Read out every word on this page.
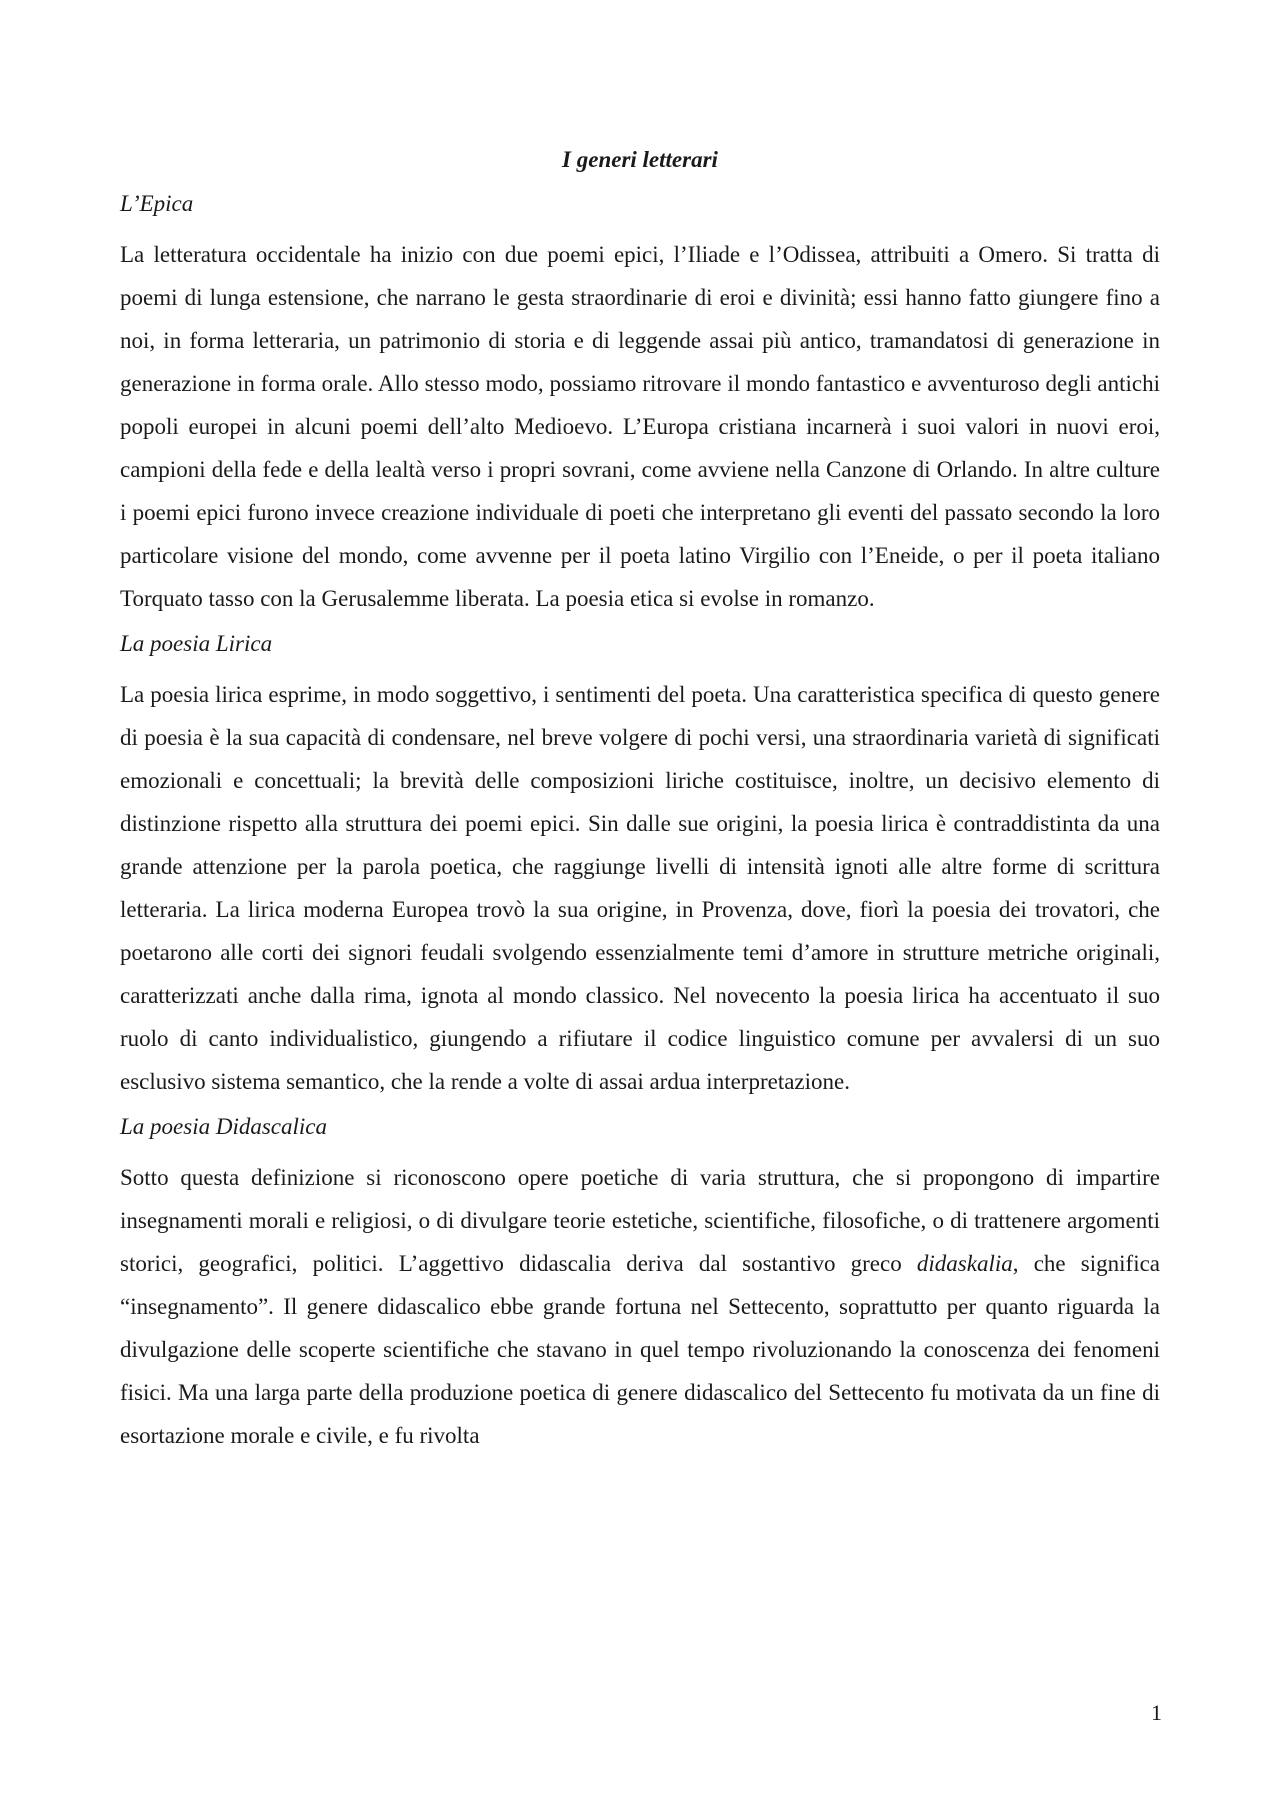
I generi letterari
L’Epica

La letteratura occidentale ha inizio con due poemi epici, l’Iliade e l’Odissea, attribuiti a Omero. Si tratta di poemi di lunga estensione, che narrano le gesta straordinarie di eroi e divinità; essi hanno fatto giungere fino a noi, in forma letteraria, un patrimonio di storia e di leggende assai più antico, tramandatosi di generazione in generazione in forma orale. Allo stesso modo, possiamo ritrovare il mondo fantastico e avventuroso degli antichi popoli europei in alcuni poemi dell’alto Medioevo. L’Europa cristiana incarnerà i suoi valori in nuovi eroi, campioni della fede e della lealtà verso i propri sovrani, come avviene nella Canzone di Orlando. In altre culture i poemi epici furono invece creazione individuale di poeti che interpretano gli eventi del passato secondo la loro particolare visione del mondo, come avvenne per il poeta latino Virgilio con l’Eneide, o per il poeta italiano Torquato tasso con la Gerusalemme liberata. La poesia etica si evolse in romanzo.

La poesia Lirica

La poesia lirica esprime, in modo soggettivo, i sentimenti del poeta. Una caratteristica specifica di questo genere di poesia è la sua capacità di condensare, nel breve volgere di pochi versi, una straordinaria varietà di significati emozionali e concettuali; la brevità delle composizioni liriche costituisce, inoltre, un decisivo elemento di distinzione rispetto alla struttura dei poemi epici. Sin dalle sue origini, la poesia lirica è contraddistinta da una grande attenzione per la parola poetica, che raggiunge livelli di intensità ignoti alle altre forme di scrittura letteraria. La lirica moderna Europea trovò la sua origine, in Provenza, dove, fiorì la poesia dei trovatori, che poetarono alle corti dei signori feudali svolgendo essenzialmente temi d’amore in strutture metriche originali, caratterizzati anche dalla rima, ignota al mondo classico. Nel novecento la poesia lirica ha accentuato il suo ruolo di canto individualistico, giungendo a rifiutare il codice linguistico comune per avvalersi di un suo esclusivo sistema semantico, che la rende a volte di assai ardua interpretazione.

La poesia Didascalica

Sotto questa definizione si riconoscono opere poetiche di varia struttura, che si propongono di impartire insegnamenti morali e religiosi, o di divulgare teorie estetiche, scientifiche, filosofiche, o di trattenere argomenti storici, geografici, politici. L’aggettivo didascalia deriva dal sostantivo greco didaskalia, che significa “insegnamento”. Il genere didascalico ebbe grande fortuna nel Settecento, soprattutto per quanto riguarda la divulgazione delle scoperte scientifiche che stavano in quel tempo rivoluzionando la conoscenza dei fenomeni fisici. Ma una larga parte della produzione poetica di genere didascalico del Settecento fu motivata da un fine di esortazione morale e civile, e fu rivolta

1
